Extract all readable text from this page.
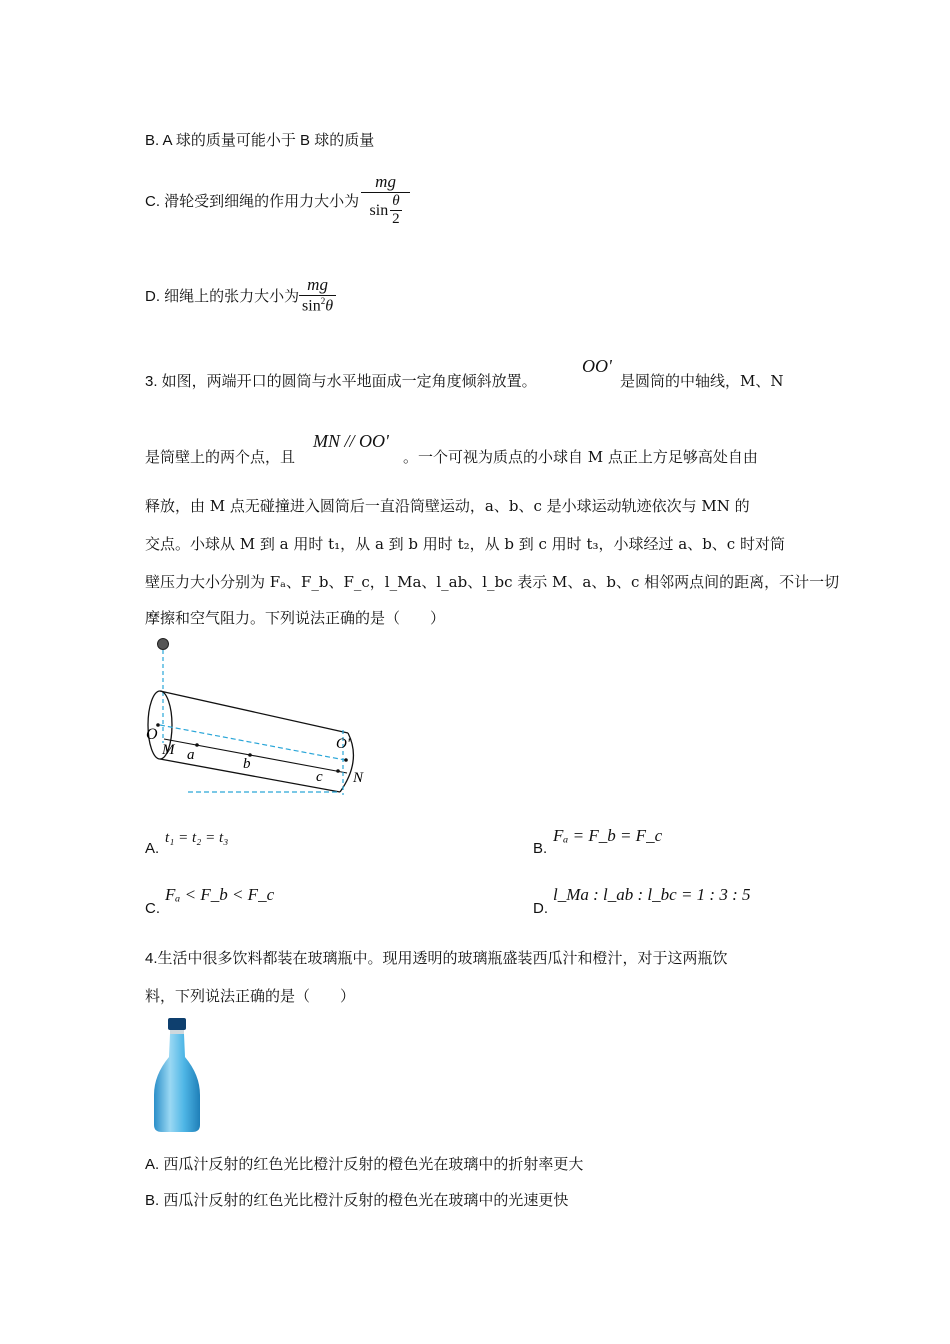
B. A 球的质量可能小于 B 球的质量
C. 滑轮受到细绳的作用力大小为 $\frac{mg}{\sin \frac{\theta}{2}}$
D. 细绳上的张力大小为 $\frac{mg}{\sin^2\theta}$
3. 如图，两端开口的圆筒与水平地面成一定角度倾斜放置。
OO'
是圆筒的中轴线，M、N
是筒壁上的两个点，且
MN // OO'
。一个可视为质点的小球自 M 点正上方足够高处自由
释放，由 M 点无碰撞进入圆筒后一直沿筒壁运动，a、b、c 是小球运动轨迹依次与 MN 的
交点。小球从 M 到 a 用时 t₁，从 a 到 b 用时 t₂，从 b 到 c 用时 t₃，小球经过 a、b、c 时对筒
壁压力大小分别为 Fₐ、F_b、F_c，l_Ma、l_ab、l_bc 表示 M、a、b、c 相邻两点间的距离，不计一切
摩擦和空气阻力。下列说法正确的是（　　）
O
O'
M a
b
c N
A.
t₁ = t₂ = t₃
B.
Fₐ = F_b = F_c
C.
Fₐ < F_b < F_c
D.
l_Ma : l_ab : l_bc = 1 : 3 : 5
4.生活中很多饮料都装在玻璃瓶中。现用透明的玻璃瓶盛装西瓜汁和橙汁，对于这两瓶饮
料，下列说法正确的是（　　）
A. 西瓜汁反射的红色光比橙汁反射的橙色光在玻璃中的折射率更大
B. 西瓜汁反射的红色光比橙汁反射的橙色光在玻璃中的光速更快
